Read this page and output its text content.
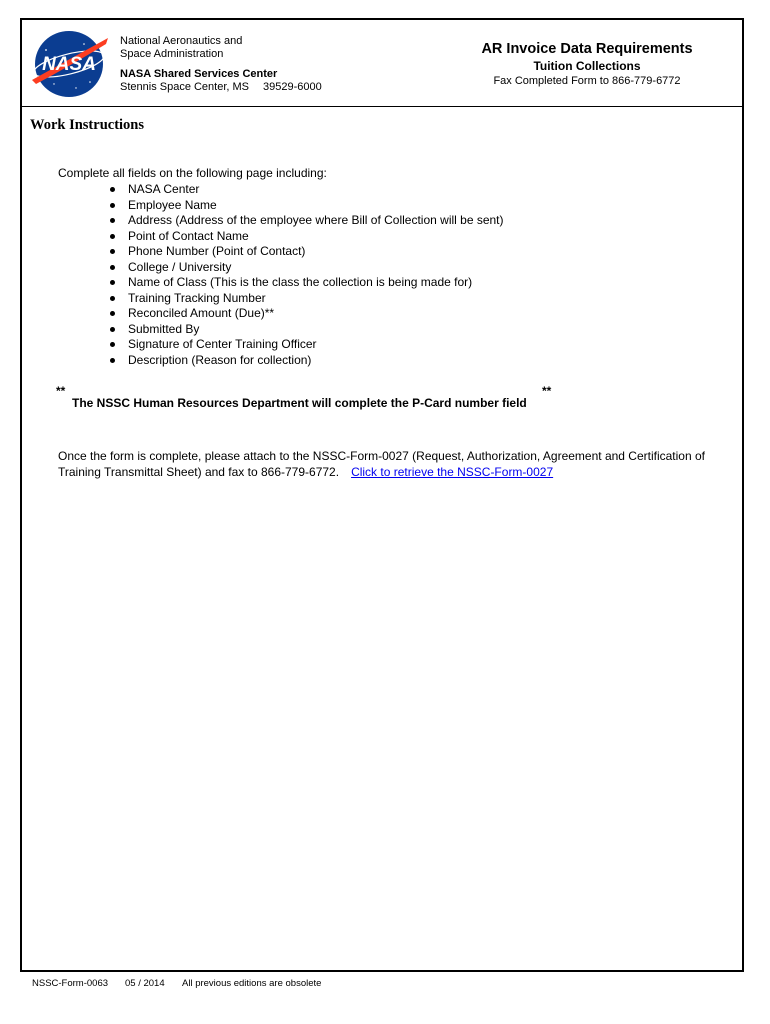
NASA
National Aeronautics and
Space Administration
NASA Shared Services Center
Stennis Space Center, MS 39529-6000
AR Invoice Data Requirements
Tuition Collections
Fax Completed Form to 866-779-6772
Work Instructions
Complete all fields on the following page including:
NASA Center
Employee Name
Address (Address of the employee where Bill of Collection will be sent)
Point of Contact Name
Phone Number (Point of Contact)
College / University
Name of Class (This is the class the collection is being made for)
Training Tracking Number
Reconciled Amount (Due)**
Submitted By
Signature of Center Training Officer
Description (Reason for collection)
**
The NSSC Human Resources Department will complete the P-Card number field
**
Once the form is complete, please attach to the NSSC-Form-0027 (Request, Authorization, Agreement and Certification of Training Transmittal Sheet) and fax to 866-779-6772. Click to retrieve the NSSC-Form-0027
NSSC-Form-0063 05 / 2014 All previous editions are obsolete
